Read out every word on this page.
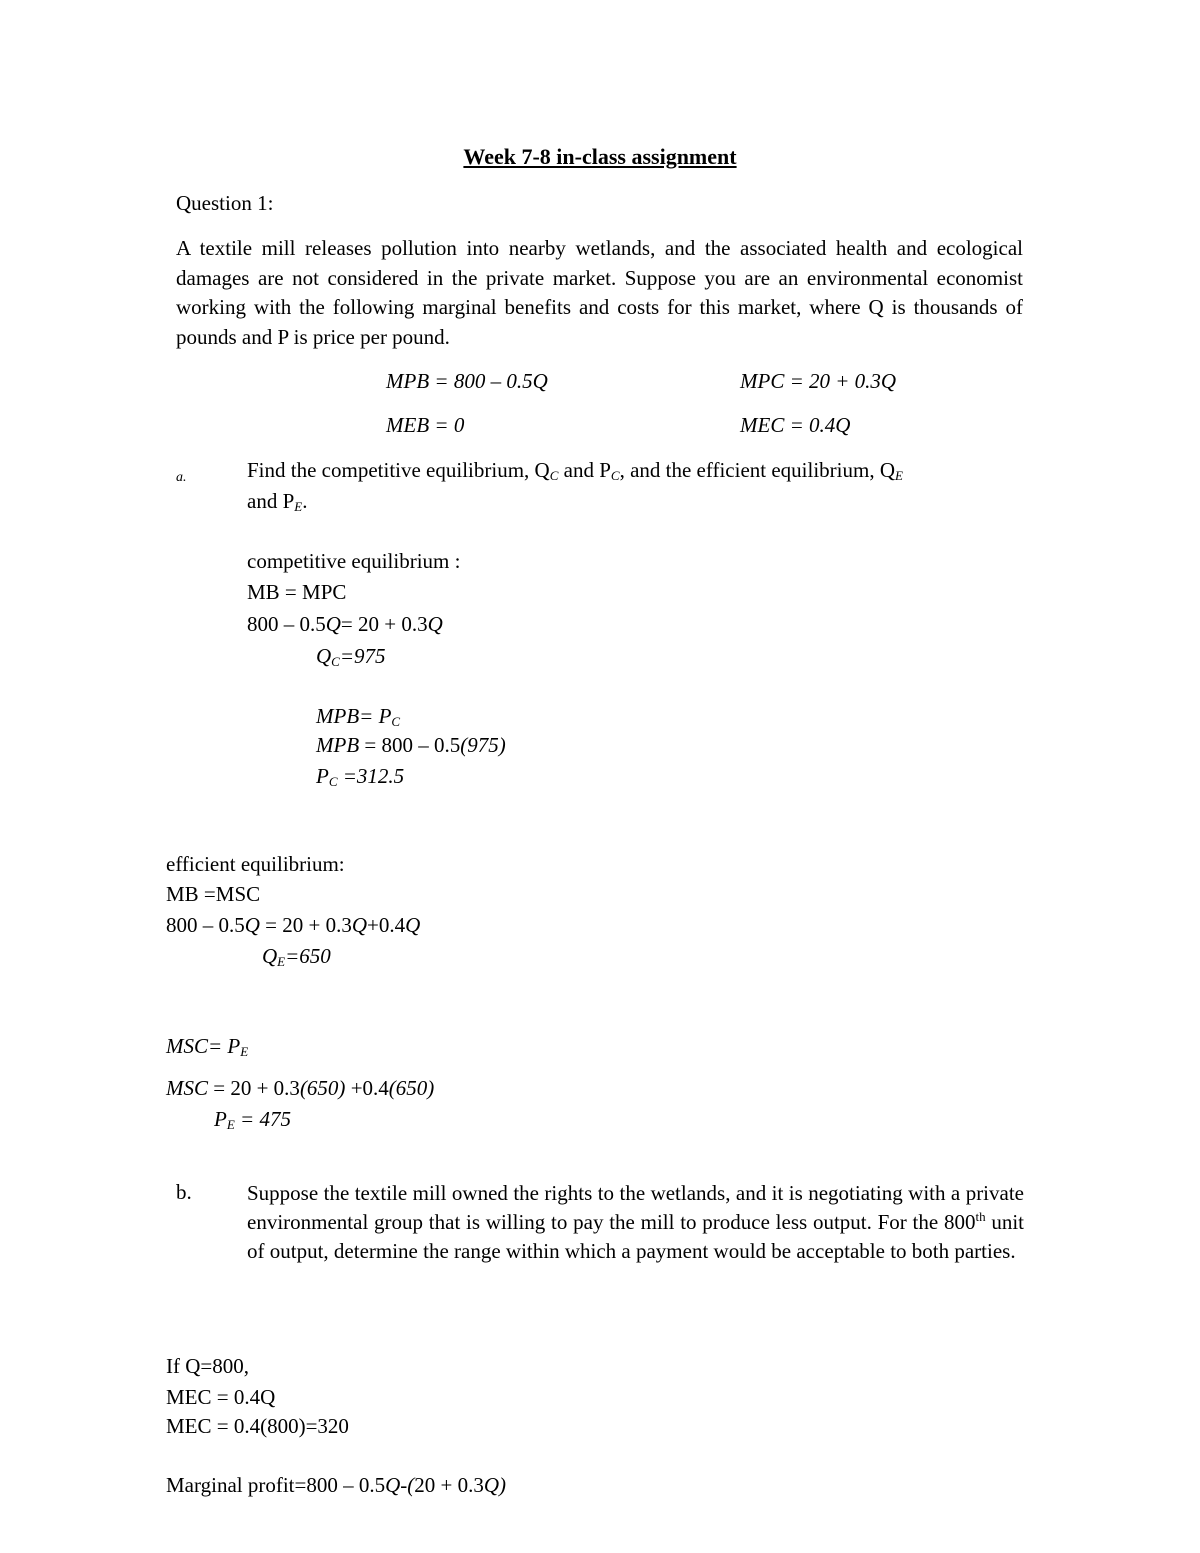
Week 7-8 in-class assignment
Question 1:
A textile mill releases pollution into nearby wetlands, and the associated health and ecological damages are not considered in the private market. Suppose you are an environmental economist working with the following marginal benefits and costs for this market, where Q is thousands of pounds and P is price per pound.
MPB = 800 – 0.5Q	MPC = 20 + 0.3Q
MEB = 0	MEC = 0.4Q
a.	Find the competitive equilibrium, $Q_C$ and $P_C$, and the efficient equilibrium, $Q_E$
and $P_E$.
competitive equilibrium :
MB = MPC
800 – 0.5Q= 20 + 0.3Q
$Q_C=975$
$MPB= P_C$
MPB = 800 – 0.5(975)
$P_C =312.5$
efficient equilibrium:
MB =MSC
800 – 0.5Q = 20 + 0.3Q+0.4Q
$Q_E=650$
$MSC= P_E$
MSC = 20 + 0.3(650) +0.4(650)
$P_E = 475$
b.	Suppose the textile mill owned the rights to the wetlands, and it is negotiating with a private environmental group that is willing to pay the mill to produce less output. For the 800th unit of output, determine the range within which a payment would be acceptable to both parties.
If Q=800,
MEC = 0.4Q
MEC = 0.4(800)=320
Marginal profit=800 – 0.5Q-(20 + 0.3Q)
